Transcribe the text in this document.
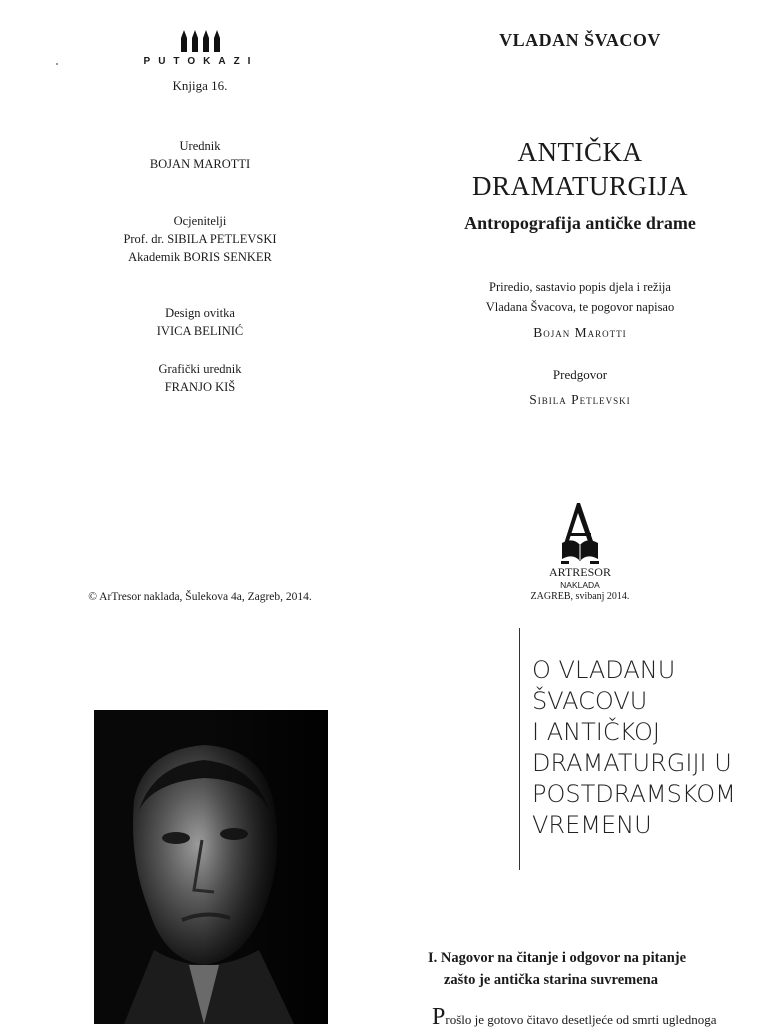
PUTOKAZI
Knjiga 16.
Urednik
BOJAN MAROTTI
Ocjenitelji
Prof. dr. SIBILA PETLEVSKI
Akademik BORIS SENKER
Design ovitka
IVICA BELINIĆ
Grafički urednik
FRANJO KIŠ
© ArTresor naklada, Šulekova 4a, Zagreb, 2014.
VLADAN ŠVACOV
ANTIČKA
DRAMATURGIJA
Antropografija antičke drame
Priredio, sastavio popis djela i režija
Vladana Švacova, te pogovor napisao
Bojan Marotti
Predgovor
Sibila Petlevski
ARTRESOR
NAKLADA
ZAGREB, svibanj 2014.
O VLADANU
ŠVACOVU
I ANTIČKOJ
DRAMATURGIJI U
POSTDRAMSKOM
VREMENU
I. Nagovor na čitanje i odgovor na pitanje
zašto je antička starina suvremena
Prošlo je gotovo čitavo desetljeće od smrti uglednoga
